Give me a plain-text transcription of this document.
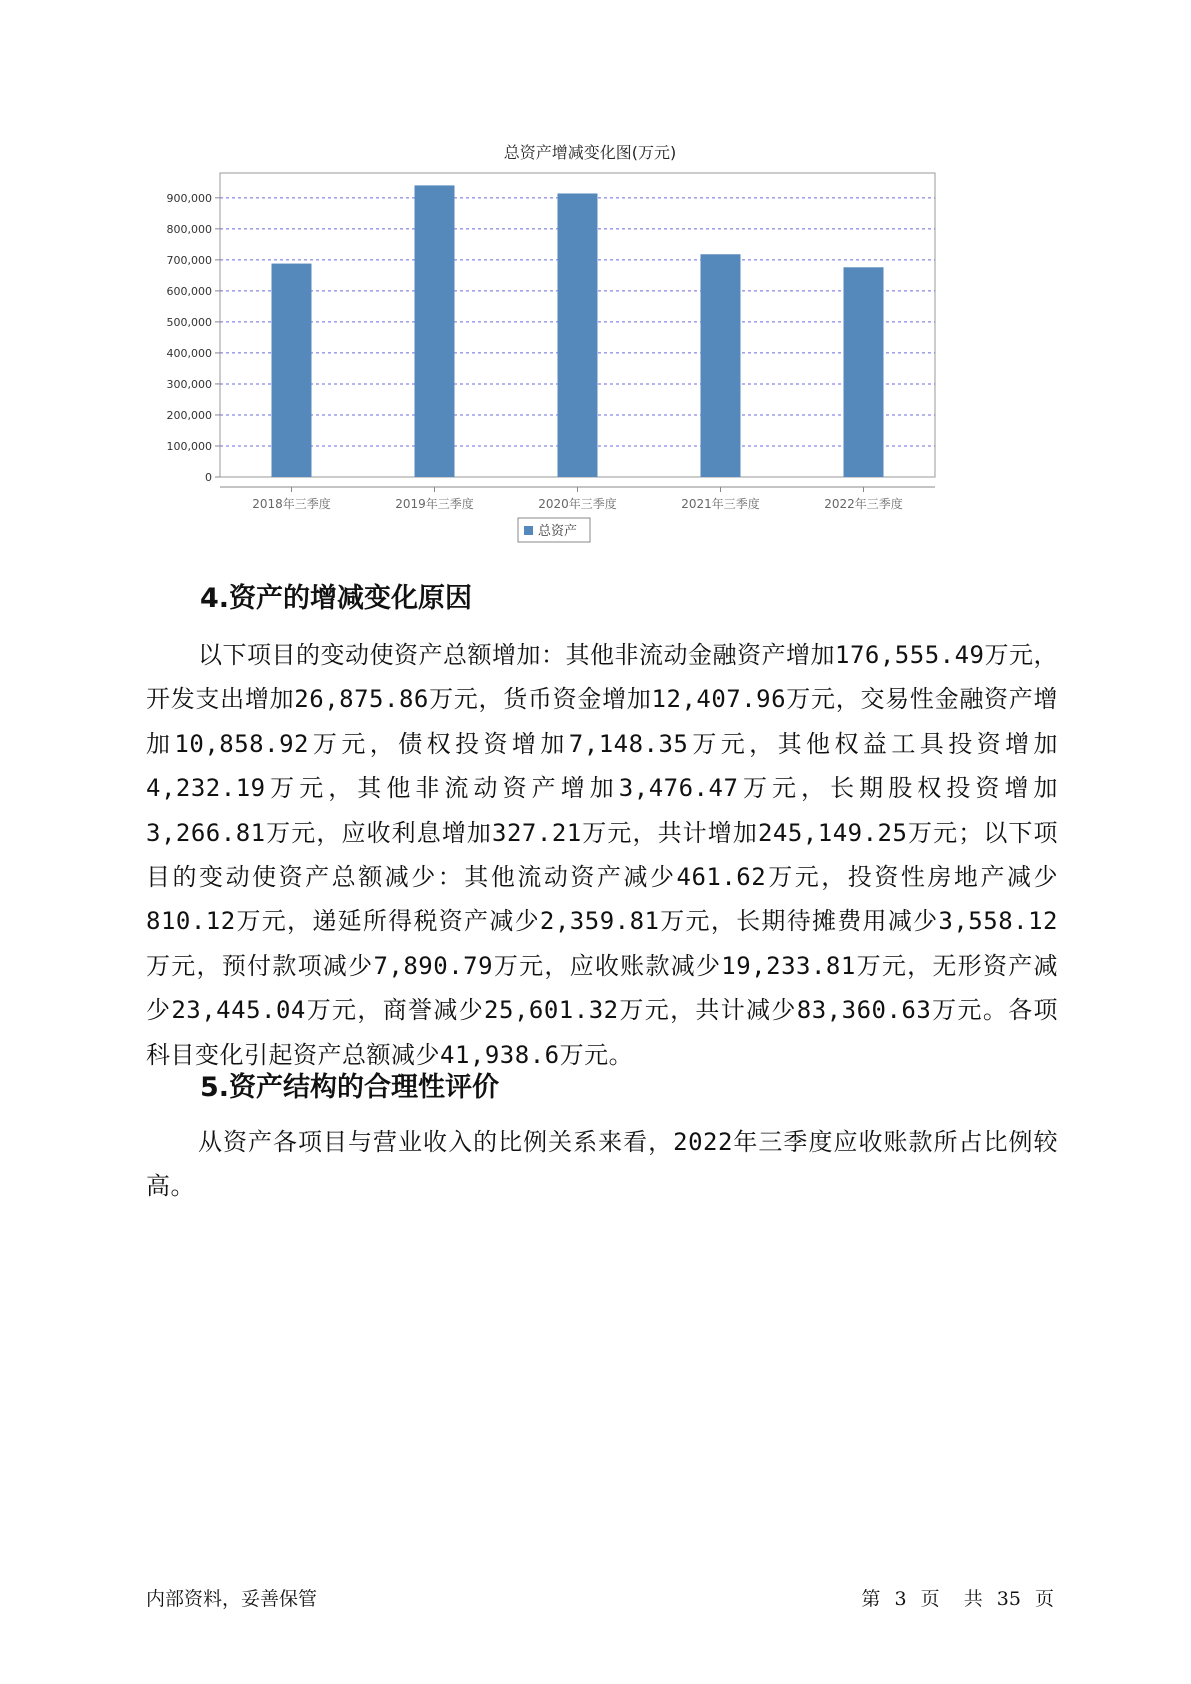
总资产增减变化图(万元)
0
100,000
200,000
300,000
400,000
500,000
600,000
700,000
800,000
900,000
2018年三季度	2019年三季度	2020年三季度	2021年三季度	2022年三季度
总资产
4.资产的增减变化原因

以下项目的变动使资产总额增加：其他非流动金融资产增加176,555.49万元，开发支出增加26,875.86万元，货币资金增加12,407.96万元，交易性金融资产增加10,858.92万元，债权投资增加7,148.35万元，其他权益工具投资增加4,232.19万元，其他非流动资产增加3,476.47万元，长期股权投资增加3,266.81万元，应收利息增加327.21万元，共计增加245,149.25万元；以下项目的变动使资产总额减少：其他流动资产减少461.62万元，投资性房地产减少810.12万元，递延所得税资产减少2,359.81万元，长期待摊费用减少3,558.12万元，预付款项减少7,890.79万元，应收账款减少19,233.81万元，无形资产减少23,445.04万元，商誉减少25,601.32万元，共计减少83,360.63万元。各项科目变化引起资产总额减少41,938.6万元。

5.资产结构的合理性评价

从资产各项目与营业收入的比例关系来看，2022年三季度应收账款所占比例较高。

内部资料，妥善保管	第 3 页 共 35 页
